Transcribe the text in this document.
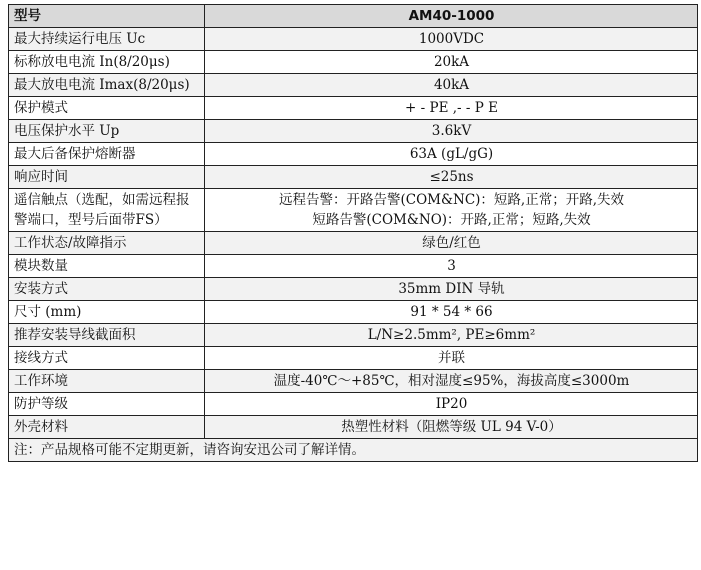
型号	AM40-1000
最大持续运行电压 Uc	1000VDC
标称放电电流 In(8/20μs)	20kA
最大放电电流 Imax(8/20μs)	40kA
保护模式	+ - PE ,- - P E
电压保护水平 Up	3.6kV
最大后备保护熔断器	63A (gL/gG)
响应时间	≤25ns
遥信触点（选配，如需远程报警端口，型号后面带FS）	远程告警：开路告警(COM&NC)：短路,正常；开路,失效
短路告警(COM&NO)：开路,正常；短路,失效

工作状态/故障指示	绿色/红色
模块数量	3
安装方式	35mm DIN 导轨
尺寸 (mm)	91 * 54 * 66
推荐安装导线截面积	L/N≥2.5mm², PE≥6mm²
接线方式	并联
工作环境	温度-40℃～+85℃，相对湿度≤95%，海拔高度≤3000m
防护等级	IP20
外壳材料	热塑性材料（阻燃等级 UL 94 V-0）
注：产品规格可能不定期更新，请咨询安迅公司了解详情。	
